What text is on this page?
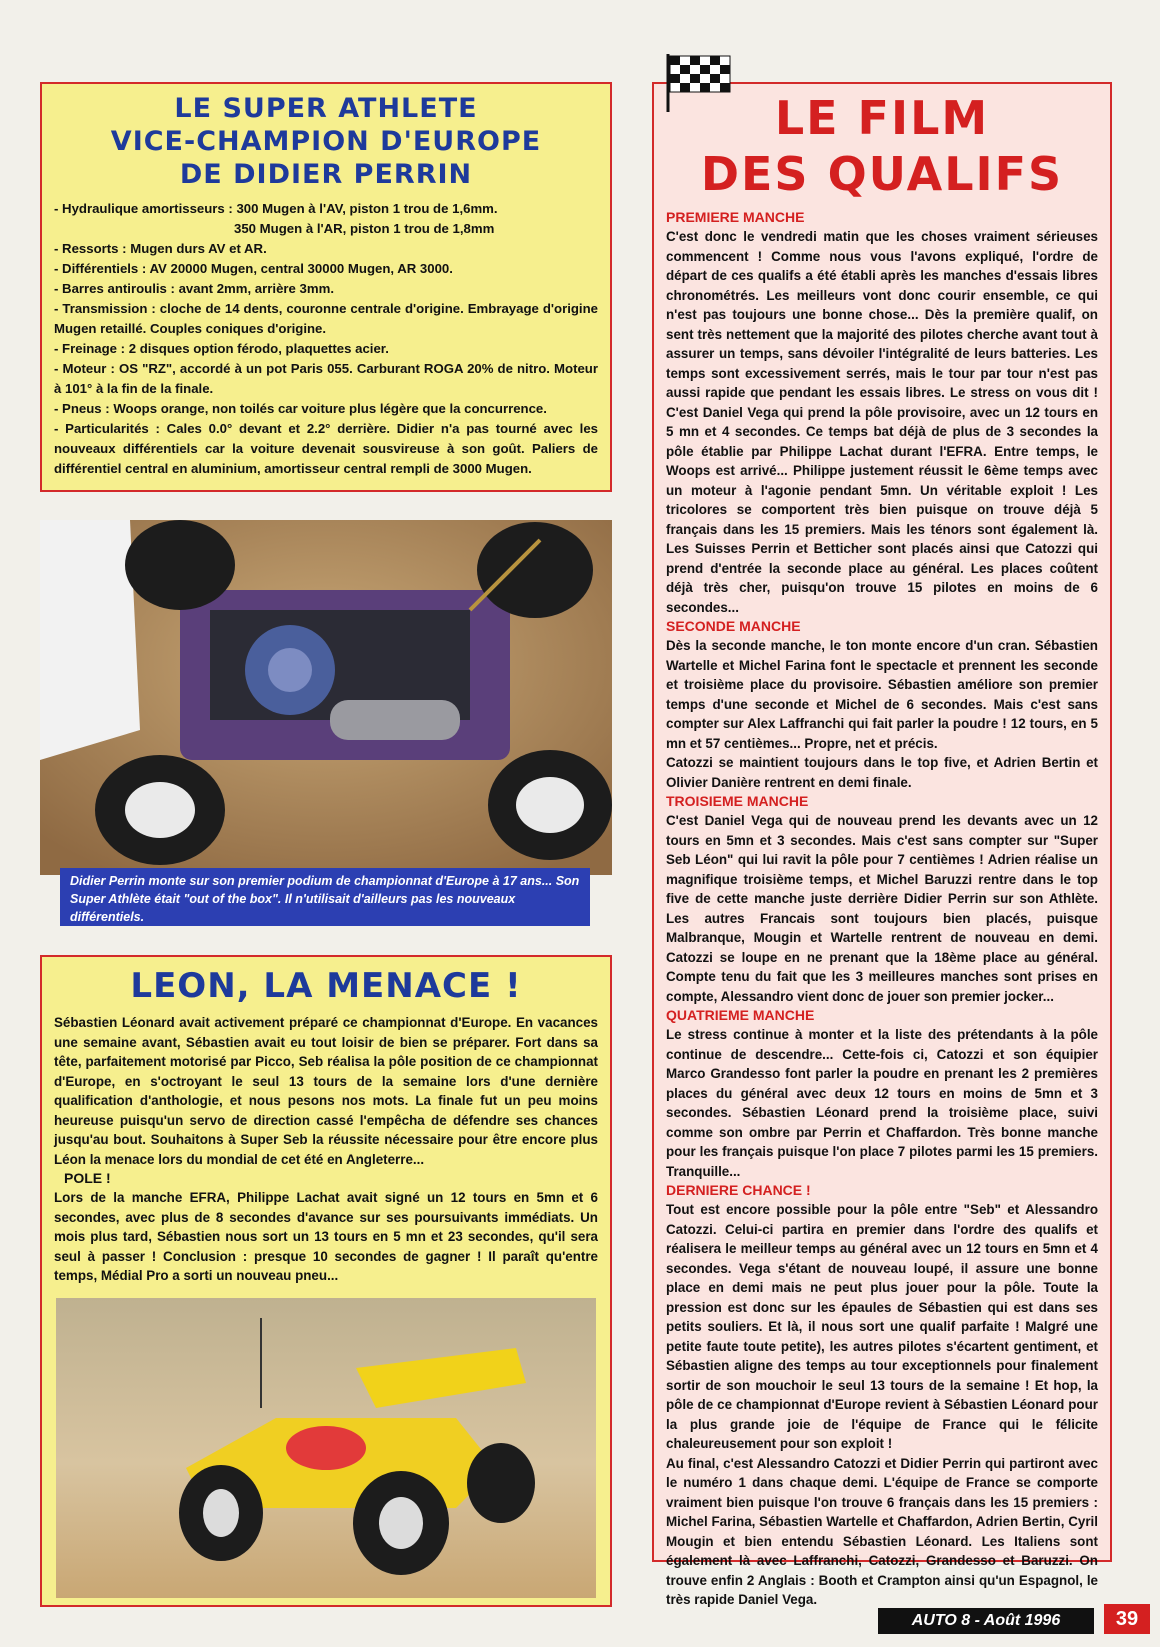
LE SUPER ATHLETE
VICE-CHAMPION D'EUROPE
DE DIDIER PERRIN
- Hydraulique amortisseurs : 300 Mugen à l'AV, piston 1 trou de 1,6mm.
350 Mugen à l'AR, piston 1 trou de 1,8mm
- Ressorts : Mugen durs AV et AR.
- Différentiels : AV 20000 Mugen, central 30000 Mugen, AR 3000.
- Barres antiroulis : avant 2mm, arrière 3mm.
- Transmission : cloche de 14 dents, couronne centrale d'origine. Embrayage d'origine Mugen retaillé. Couples coniques d'origine.
- Freinage : 2 disques option férodo, plaquettes acier.
- Moteur : OS "RZ", accordé à un pot Paris 055. Carburant ROGA 20% de nitro. Moteur à 101° à la fin de la finale.
- Pneus : Woops orange, non toilés car voiture plus légère que la concurrence.
- Particularités : Cales 0.0° devant et 2.2° derrière. Didier n'a pas tourné avec les nouveaux différentiels car la voiture devenait sousvireuse à son goût. Paliers de différentiel central en aluminium, amortisseur central rempli de 3000 Mugen.
Didier Perrin monte sur son premier podium de championnat d'Europe à 17 ans... Son Super Athlète était "out of the box". Il n'utilisait d'ailleurs pas les nouveaux différentiels.
LEON, LA MENACE !

Sébastien Léonard avait activement préparé ce championnat d'Europe. En vacances une semaine avant, Sébastien avait eu tout loisir de bien se préparer. Fort dans sa tête, parfaitement motorisé par Picco, Seb réalisa la pôle position de ce championnat d'Europe, en s'octroyant le seul 13 tours de la semaine lors d'une dernière qualification d'anthologie, et nous pesons nos mots. La finale fut un peu moins heureuse puisqu'un servo de direction cassé l'empêcha de défendre ses chances jusqu'au bout. Souhaitons à Super Seb la réussite nécessaire pour être encore plus Léon la menace lors du mondial de cet été en Angleterre...

POLE !

Lors de la manche EFRA, Philippe Lachat avait signé un 12 tours en 5mn et 6 secondes, avec plus de 8 secondes d'avance sur ses poursuivants immédiats. Un mois plus tard, Sébastien nous sort un 13 tours en 5 mn et 23 secondes, qu'il sera seul à passer ! Conclusion : presque 10 secondes de gagner ! Il paraît qu'entre temps, Médial Pro a sorti un nouveau pneu...

LE FILM
DES QUALIFS

PREMIERE MANCHE

C'est donc le vendredi matin que les choses vraiment sérieuses commencent ! Comme nous vous l'avons expliqué, l'ordre de départ de ces qualifs a été établi après les manches d'essais libres chronométrés. Les meilleurs vont donc courir ensemble, ce qui n'est pas toujours une bonne chose... Dès la première qualif, on sent très nettement que la majorité des pilotes cherche avant tout à assurer un temps, sans dévoiler l'intégralité de leurs batteries. Les temps sont excessivement serrés, mais le tour par tour n'est pas aussi rapide que pendant les essais libres. Le stress on vous dit ! C'est Daniel Vega qui prend la pôle provisoire, avec un 12 tours en 5 mn et 4 secondes. Ce temps bat déjà de plus de 3 secondes la pôle établie par Philippe Lachat durant l'EFRA. Entre temps, le Woops est arrivé... Philippe justement réussit le 6ème temps avec un moteur à l'agonie pendant 5mn. Un véritable exploit ! Les tricolores se comportent très bien puisque on trouve déjà 5 français dans les 15 premiers. Mais les ténors sont également là. Les Suisses Perrin et Betticher sont placés ainsi que Catozzi qui prend d'entrée la seconde place au général. Les places coûtent déjà très cher, puisqu'on trouve 15 pilotes en moins de 6 secondes...

SECONDE MANCHE

Dès la seconde manche, le ton monte encore d'un cran. Sébastien Wartelle et Michel Farina font le spectacle et prennent les seconde et troisième place du provisoire. Sébastien améliore son premier temps d'une seconde et Michel de 6 secondes. Mais c'est sans compter sur Alex Laffranchi qui fait parler la poudre ! 12 tours, en 5 mn et 57 centièmes... Propre, net et précis.

Catozzi se maintient toujours dans le top five, et Adrien Bertin et Olivier Danière rentrent en demi finale.

TROISIEME MANCHE

C'est Daniel Vega qui de nouveau prend les devants avec un 12 tours en 5mn et 3 secondes. Mais c'est sans compter sur "Super Seb Léon" qui lui ravit la pôle pour 7 centièmes ! Adrien réalise un magnifique troisième temps, et Michel Baruzzi rentre dans le top five de cette manche juste derrière Didier Perrin sur son Athlète. Les autres Francais sont toujours bien placés, puisque Malbranque, Mougin et Wartelle rentrent de nouveau en demi. Catozzi se loupe en ne prenant que la 18ème place au général. Compte tenu du fait que les 3 meilleures manches sont prises en compte, Alessandro vient donc de jouer son premier jocker...

QUATRIEME MANCHE

Le stress continue à monter et la liste des prétendants à la pôle continue de descendre... Cette-fois ci, Catozzi et son équipier Marco Grandesso font parler la poudre en prenant les 2 premières places du général avec deux 12 tours en moins de 5mn et 3 secondes. Sébastien Léonard prend la troisième place, suivi comme son ombre par Perrin et Chaffardon. Très bonne manche pour les français puisque l'on place 7 pilotes parmi les 15 premiers. Tranquille...

DERNIERE CHANCE !

Tout est encore possible pour la pôle entre "Seb" et Alessandro Catozzi. Celui-ci partira en premier dans l'ordre des qualifs et réalisera le meilleur temps au général avec un 12 tours en 5mn et 4 secondes. Vega s'étant de nouveau loupé, il assure une bonne place en demi mais ne peut plus jouer pour la pôle. Toute la pression est donc sur les épaules de Sébastien qui est dans ses petits souliers. Et là, il nous sort une qualif parfaite ! Malgré une petite faute toute petite), les autres pilotes s'écartent gentiment, et Sébastien aligne des temps au tour exceptionnels pour finalement sortir de son mouchoir le seul 13 tours de la semaine ! Et hop, la pôle de ce championnat d'Europe revient à Sébastien Léonard pour la plus grande joie de l'équipe de France qui le félicite chaleureusement pour son exploit !

Au final, c'est Alessandro Catozzi et Didier Perrin qui partiront avec le numéro 1 dans chaque demi. L'équipe de France se comporte vraiment bien puisque l'on trouve 6 français dans les 15 premiers : Michel Farina, Sébastien Wartelle et Chaffardon, Adrien Bertin, Cyril Mougin et bien entendu Sébastien Léonard. Les Italiens sont également là avec Laffranchi, Catozzi, Grandesso et Baruzzi. On trouve enfin 2 Anglais : Booth et Crampton ainsi qu'un Espagnol, le très rapide Daniel Vega.

AUTO 8 - Août 1996	39
